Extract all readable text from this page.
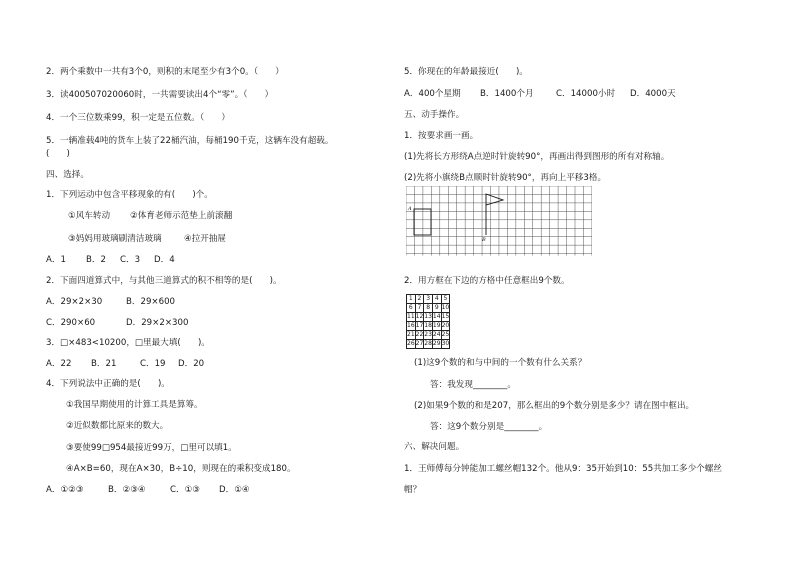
2．两个乘数中一共有3个0，则积的末尾至少有3个0。（　　）
3．读400507020060时，一共需要读出4个“零”。（　　）
4．一个三位数乘99，积一定是五位数。（　　）
5．一辆准载4吨的货车上装了22桶汽油，每桶190千克，这辆车没有超载。
(　　)
四、选择。
1．下列运动中包含平移现象的有(　　)个。
①风车转动 ②体育老师示范垫上前滚翻
③妈妈用玻璃刷清洁玻璃	④拉开抽屉
A．1 B．2 C．3 D．4
2．下面四道算式中，与其他三道算式的积不相等的是(　　)。
A．29×2×30	B．29×600
C．290×60	D．29×2×300
3．□×483<10200，□里最大填(　　)。
A．22 B．21	C．19 D．20
4．下列说法中正确的是(　　)。
①我国早期使用的计算工具是算筹。
②近似数都比原来的数大。
③要使99□954最接近99万，□里可以填1。
④A×B=60，现在A×30，B÷10，则现在的乘积变成180。
A．①②③	B．②③④	C．①③ D．①④
5．你现在的年龄最接近(　　)。
A．400个星期 B．1400个月	C．14000小时 D．4000天
五、动手操作。
1．按要求画一画。
(1)先将长方形绕A点逆时针旋转90°，再画出得到图形的所有对称轴。
(2)先将小旗绕B点顺时针旋转90°，再向上平移3格。
A
B
2．用方框在下边的方格中任意框出9个数。
1	2	3	4	5
6	7	8	9	10
11	12	13	14	15
16	17	18	19	20
21	22	23	24	25
26	27	28	29	30
(1)这9个数的和与中间的一个数有什么关系？
答：我发现________。
(2)如果9个数的和是207，那么框出的9个数分别是多少？请在图中框出。
答：这9个数分别是________。
六、解决问题。
1．王师傅每分钟能加工螺丝帽132个。他从9：35开始到10：55共加工多少个螺丝
帽？
